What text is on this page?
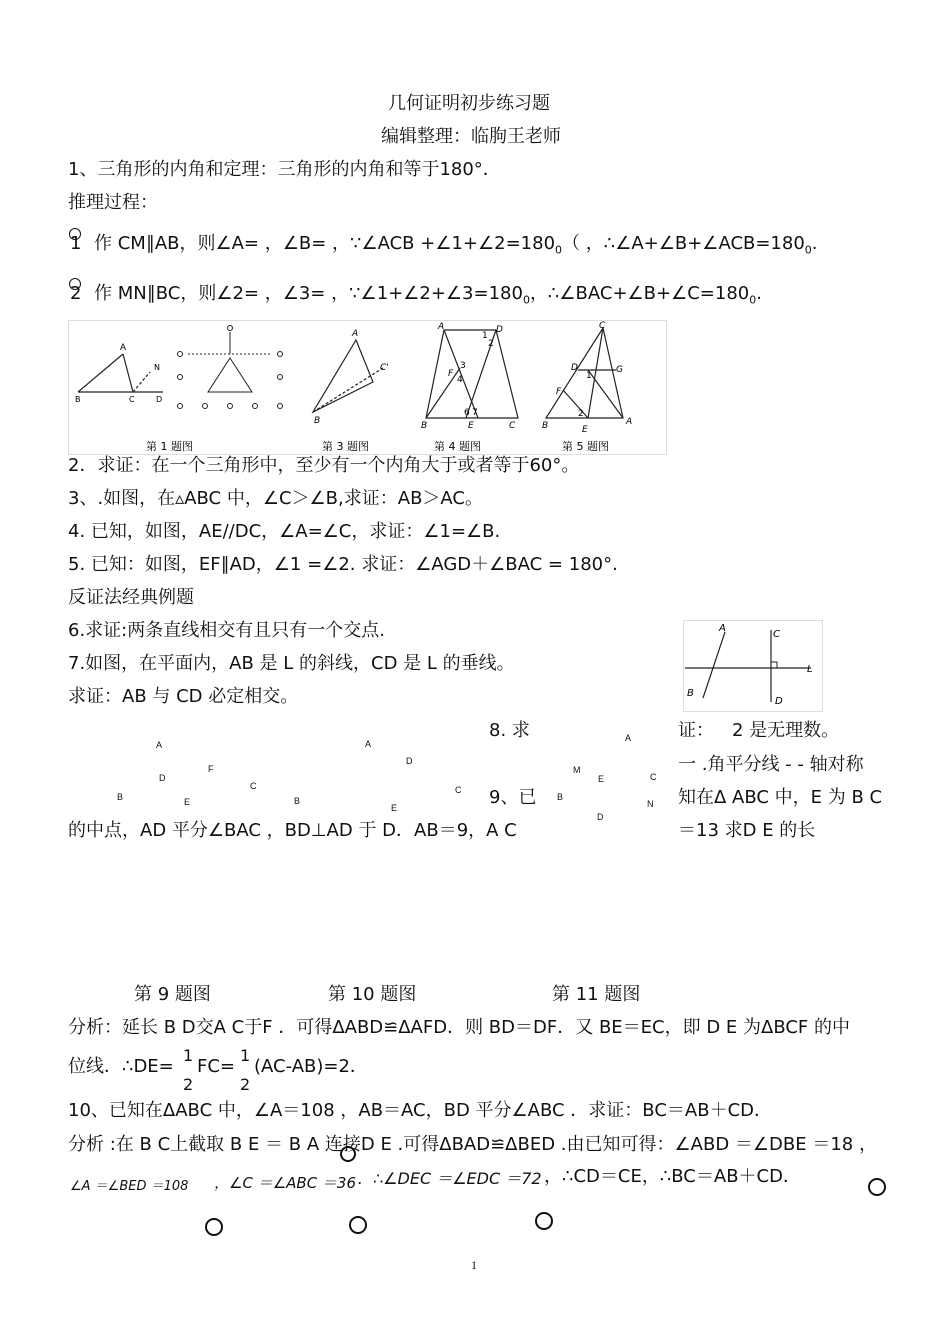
几何证明初步练习题
编辑整理：临朐王老师
1、三角形的内角和定理：三角形的内角和等于180°．
推理过程：
1 作 CM∥AB，则∠A= ，∠B= ，∵∠ACB $+\angle 1+\angle 2=180_0$（ ，$\therefore\angle A+\angle B+\angle ACB=180_0$.
2 作 MN∥BC，则∠2= ，∠3= ，$\because\angle 1+\angle 2+\angle 3=180_0$，$\therefore\angle BAC+\angle B+\angle C=180_0$.
A
B	C	D
N
A
B
C'
A	D
1
2
3
F
4
B
6 7
E	C
C
D	G
F
1
2
B	E
A
第 1 题图	第 3 题图	第 4 题图	第 5 题图
2．求证：在一个三角形中，至少有一个内角大于或者等于60°。
3、.如图，在▵ABC 中，∠C＞∠B,求证：AB＞AC。
4. 已知，如图，AE//DC，∠A=∠C，求证：∠1=∠B.
5. 已知：如图，EF∥AD，∠1 =∠2. 求证：∠AGD＋∠BAC = 180°.
反证法经典例题
6.求证:两条直线相交有且只有一个交点.
7.如图，在平面内，AB 是 L 的斜线，CD 是 L 的垂线。
求证：AB 与 CD 必定相交。
A
C
B
D
L
8. 求	证： 2 是无理数。
一 .角平分线 - - 轴对称
A
D
F
C
B	E
A
D
C
B
E
A
M
E	C
B
N
D
9、已	知在Δ ABC 中，E 为 B C
的中点，AD 平分∠BAC ，BD⊥AD 于 D．AB＝9，A C	＝13 求D E 的长
第 9 题图	第 10 题图	第 11 题图
分析：延长 B D交A C于F ．可得ΔABD≌ΔAFD．则 BD＝DF．又 BE＝EC，即 D E 为ΔBCF 的中
位线．∴DE=
1
2
FC=
1
2
(AC-AB)=2．
10、已知在ΔABC 中，∠A＝108 ，AB＝AC，BD 平分∠ABC ．求证：BC＝AB＋CD．
分析 :在 B C上截取 B E ＝ B A 连接D E .可得ΔBAD≌ΔBED .由已知可得：∠ABD ＝∠DBE ＝18 ，
∠A ＝∠BED ＝108 ，∠C ＝∠ABC ＝36 ．∴∠DEC ＝∠EDC ＝72 ，∴CD＝CE，∴BC＝AB＋CD．
1
